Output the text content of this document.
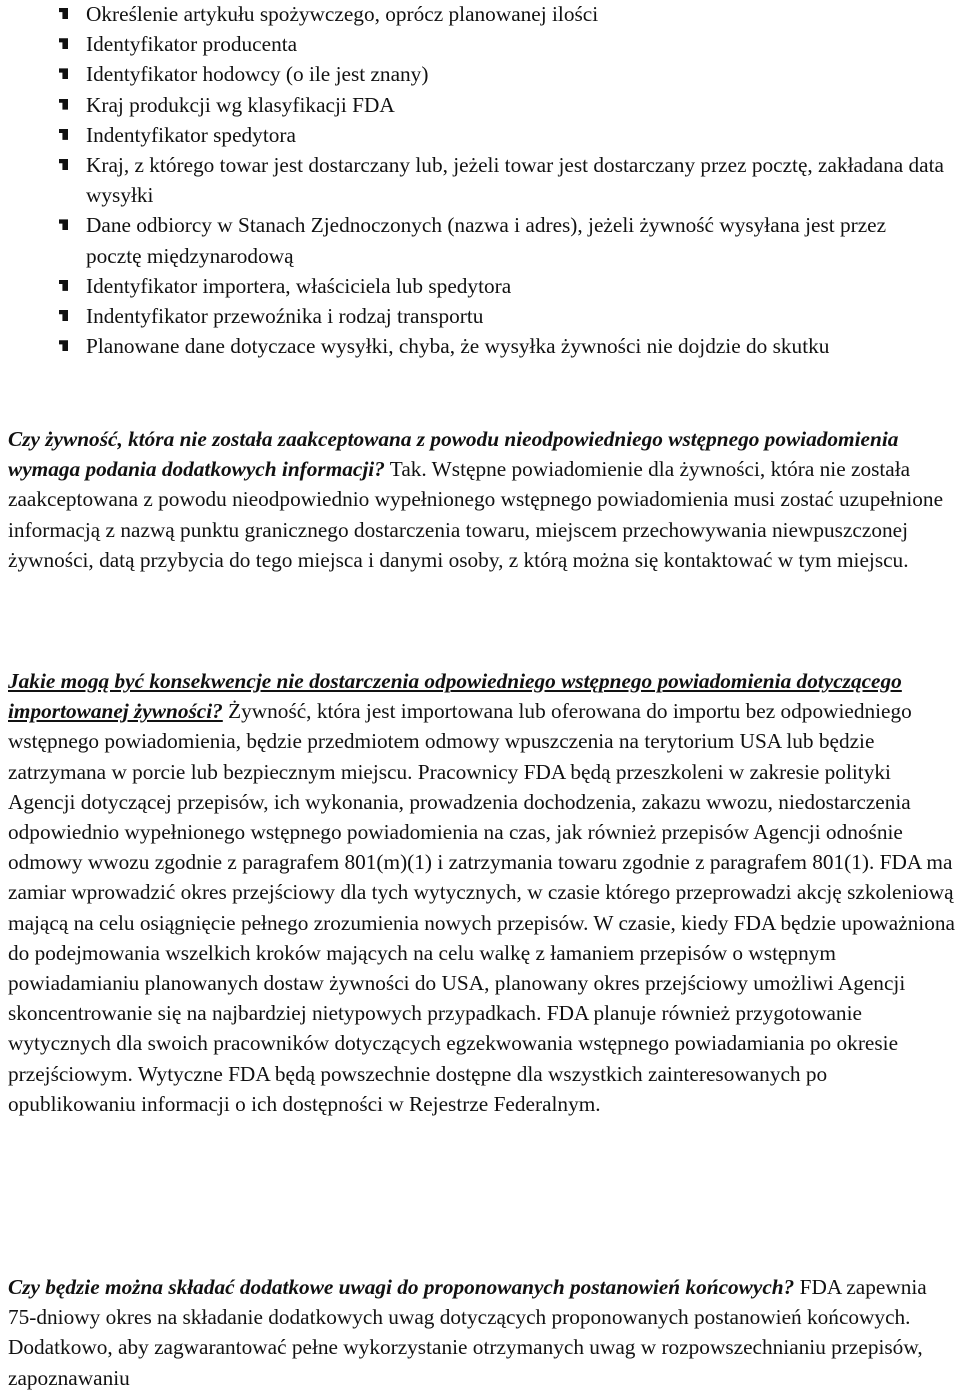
Określenie artykułu spożywczego, oprócz planowanej ilości
Identyfikator producenta
Identyfikator hodowcy (o ile jest znany)
Kraj produkcji wg klasyfikacji FDA
Indentyfikator spedytora
Kraj, z którego towar jest dostarczany lub, jeżeli towar jest dostarczany przez pocztę, zakładana data wysyłki
Dane odbiorcy w Stanach Zjednoczonych (nazwa i adres), jeżeli żywność wysyłana jest przez pocztę międzynarodową
Identyfikator importera, właściciela lub spedytora
Indentyfikator przewoźnika i rodzaj transportu
Planowane dane dotyczace wysyłki, chyba, że wysyłka żywności nie dojdzie do skutku

Czy żywność, która nie została zaakceptowana z powodu nieodpowiedniego wstępnego powiadomienia wymaga podania dodatkowych informacji? Tak. Wstępne powiadomienie dla żywności, która nie została zaakceptowana z powodu nieodpowiednio wypełnionego wstępnego powiadomienia musi zostać uzupełnione informacją z nazwą punktu granicznego dostarczenia towaru, miejscem przechowywania niewpuszczonej żywności, datą przybycia do tego miejsca i danymi osoby, z którą można się kontaktować w tym miejscu.

Jakie mogą być konsekwencje nie dostarczenia odpowiedniego wstępnego powiadomienia dotyczącego importowanej żywności? Żywność, która jest importowana lub oferowana do importu bez odpowiedniego wstępnego powiadomienia, będzie przedmiotem odmowy wpuszczenia na terytorium USA lub będzie zatrzymana w porcie lub bezpiecznym miejscu. Pracownicy FDA będą przeszkoleni w zakresie polityki Agencji dotyczącej przepisów, ich wykonania, prowadzenia dochodzenia, zakazu wwozu, niedostarczenia odpowiednio wypełnionego wstępnego powiadomienia na czas, jak również przepisów Agencji odnośnie odmowy wwozu zgodnie z paragrafem 801(m)(1) i zatrzymania towaru zgodnie z paragrafem 801(1). FDA ma zamiar wprowadzić okres przejściowy dla tych wytycznych, w czasie którego przeprowadzi akcję szkoleniową mającą na celu osiągnięcie pełnego zrozumienia nowych przepisów. W czasie, kiedy FDA będzie upoważniona do podejmowania wszelkich kroków mających na celu walkę z łamaniem przepisów o wstępnym powiadamianiu planowanych dostaw żywności do USA, planowany okres przejściowy umożliwi Agencji skoncentrowanie się na najbardziej nietypowych przypadkach. FDA planuje również przygotowanie wytycznych dla swoich pracowników dotyczących egzekwowania wstępnego powiadamiania po okresie przejściowym. Wytyczne FDA będą powszechnie dostępne dla wszystkich zainteresowanych po opublikowaniu informacji o ich dostępności w Rejestrze Federalnym.

Czy będzie można składać dodatkowe uwagi do proponowanych postanowień końcowych? FDA zapewnia 75-dniowy okres na składanie dodatkowych uwag dotyczących proponowanych postanowień końcowych. Dodatkowo, aby zagwarantować pełne wykorzystanie otrzymanych uwag w rozpowszechnianiu przepisów, zapoznawaniu
